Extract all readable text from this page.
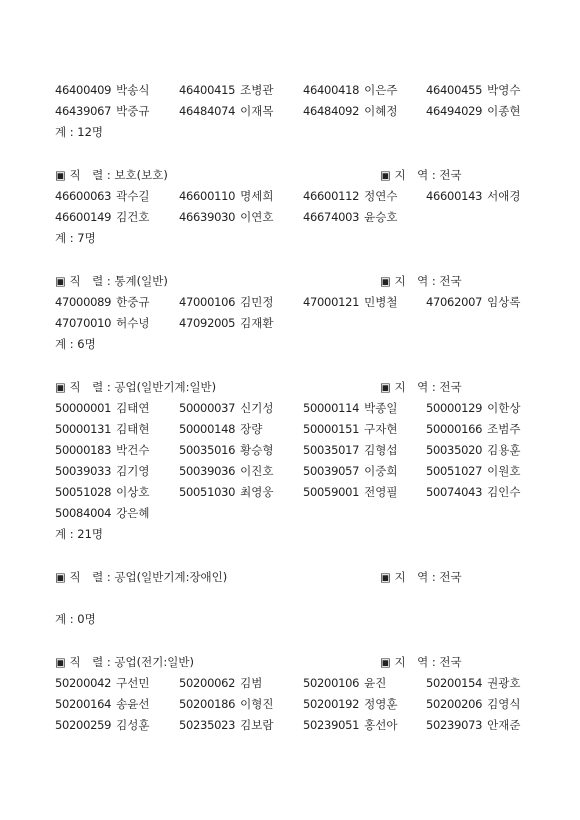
46400409 박송식	46400415 조병관	46400418 이은주 46400455 박영수
46439067 박중규	46484074 이재목	46484092 이혜정 46494029 이종현
계 : 12명
▣ 직　렬 : 보호(보호)	▣ 지　역 : 전국
46600063 곽수길	46600110 명세희	46600112 정연수 46600143 서애경
46600149 김건호	46639030 이연호	46674003 윤승호
계 : 7명
▣ 직　렬 : 통계(일반)	▣ 지　역 : 전국
47000089 한중규	47000106 김민정	47000121 민병철 47062007 임상록
47070010 허수녕	47092005 김재환
계 : 6명
▣ 직　렬 : 공업(일반기계:일반)	▣ 지　역 : 전국
50000001 김태연	50000037 신기성	50000114 박종일 50000129 이한상
50000131 김태현	50000148 장량	50000151 구자현 50000166 조범주
50000183 박건수	50035016 황승형	50035017 김형섭 50035020 김용훈
50039033 김기영	50039036 이진호	50039057 이중희 50051027 이원호
50051028 이상호	50051030 최영웅	50059001 전영필 50074043 김인수
50084004 강은혜
계 : 21명
▣ 직　렬 : 공업(일반기계:장애인)	▣ 지　역 : 전국
계 : 0명
▣ 직　렬 : 공업(전기:일반)	▣ 지　역 : 전국
50200042 구선민	50200062 김범	50200106 윤진	50200154 권광호
50200164 송윤선	50200186 이형진	50200192 정영훈 50200206 김영식
50200259 김성훈	50235023 김보람	50239051 홍선아 50239073 안재준
